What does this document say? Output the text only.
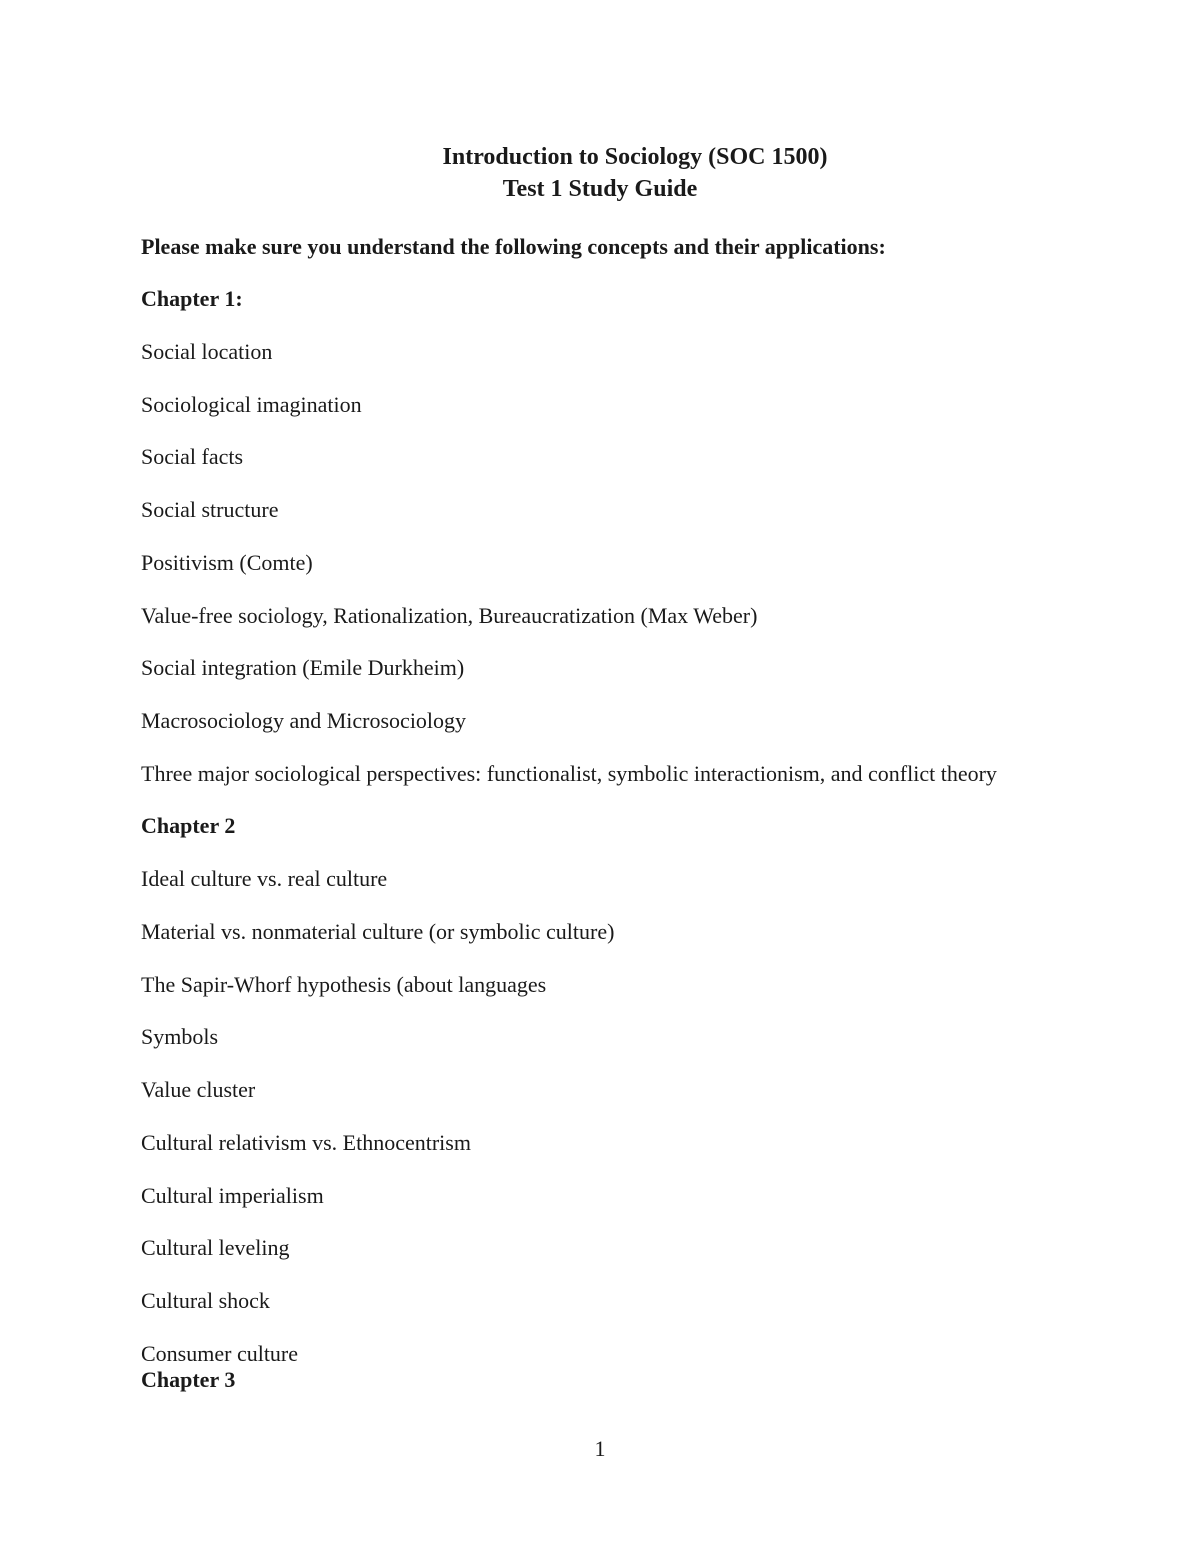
Introduction to Sociology (SOC 1500)
Test 1 Study Guide
Please make sure you understand the following concepts and their applications:
Chapter 1:
Social location
Sociological imagination
Social facts
Social structure
Positivism (Comte)
Value-free sociology, Rationalization, Bureaucratization (Max Weber)
Social integration (Emile Durkheim)
Macrosociology and Microsociology
Three major sociological perspectives: functionalist, symbolic interactionism, and conflict theory
Chapter 2
Ideal culture vs. real culture
Material vs. nonmaterial culture (or symbolic culture)
The Sapir-Whorf hypothesis (about languages
Symbols
Value cluster
Cultural relativism vs. Ethnocentrism
Cultural imperialism
Cultural leveling
Cultural shock
Consumer culture
Chapter 3
1
